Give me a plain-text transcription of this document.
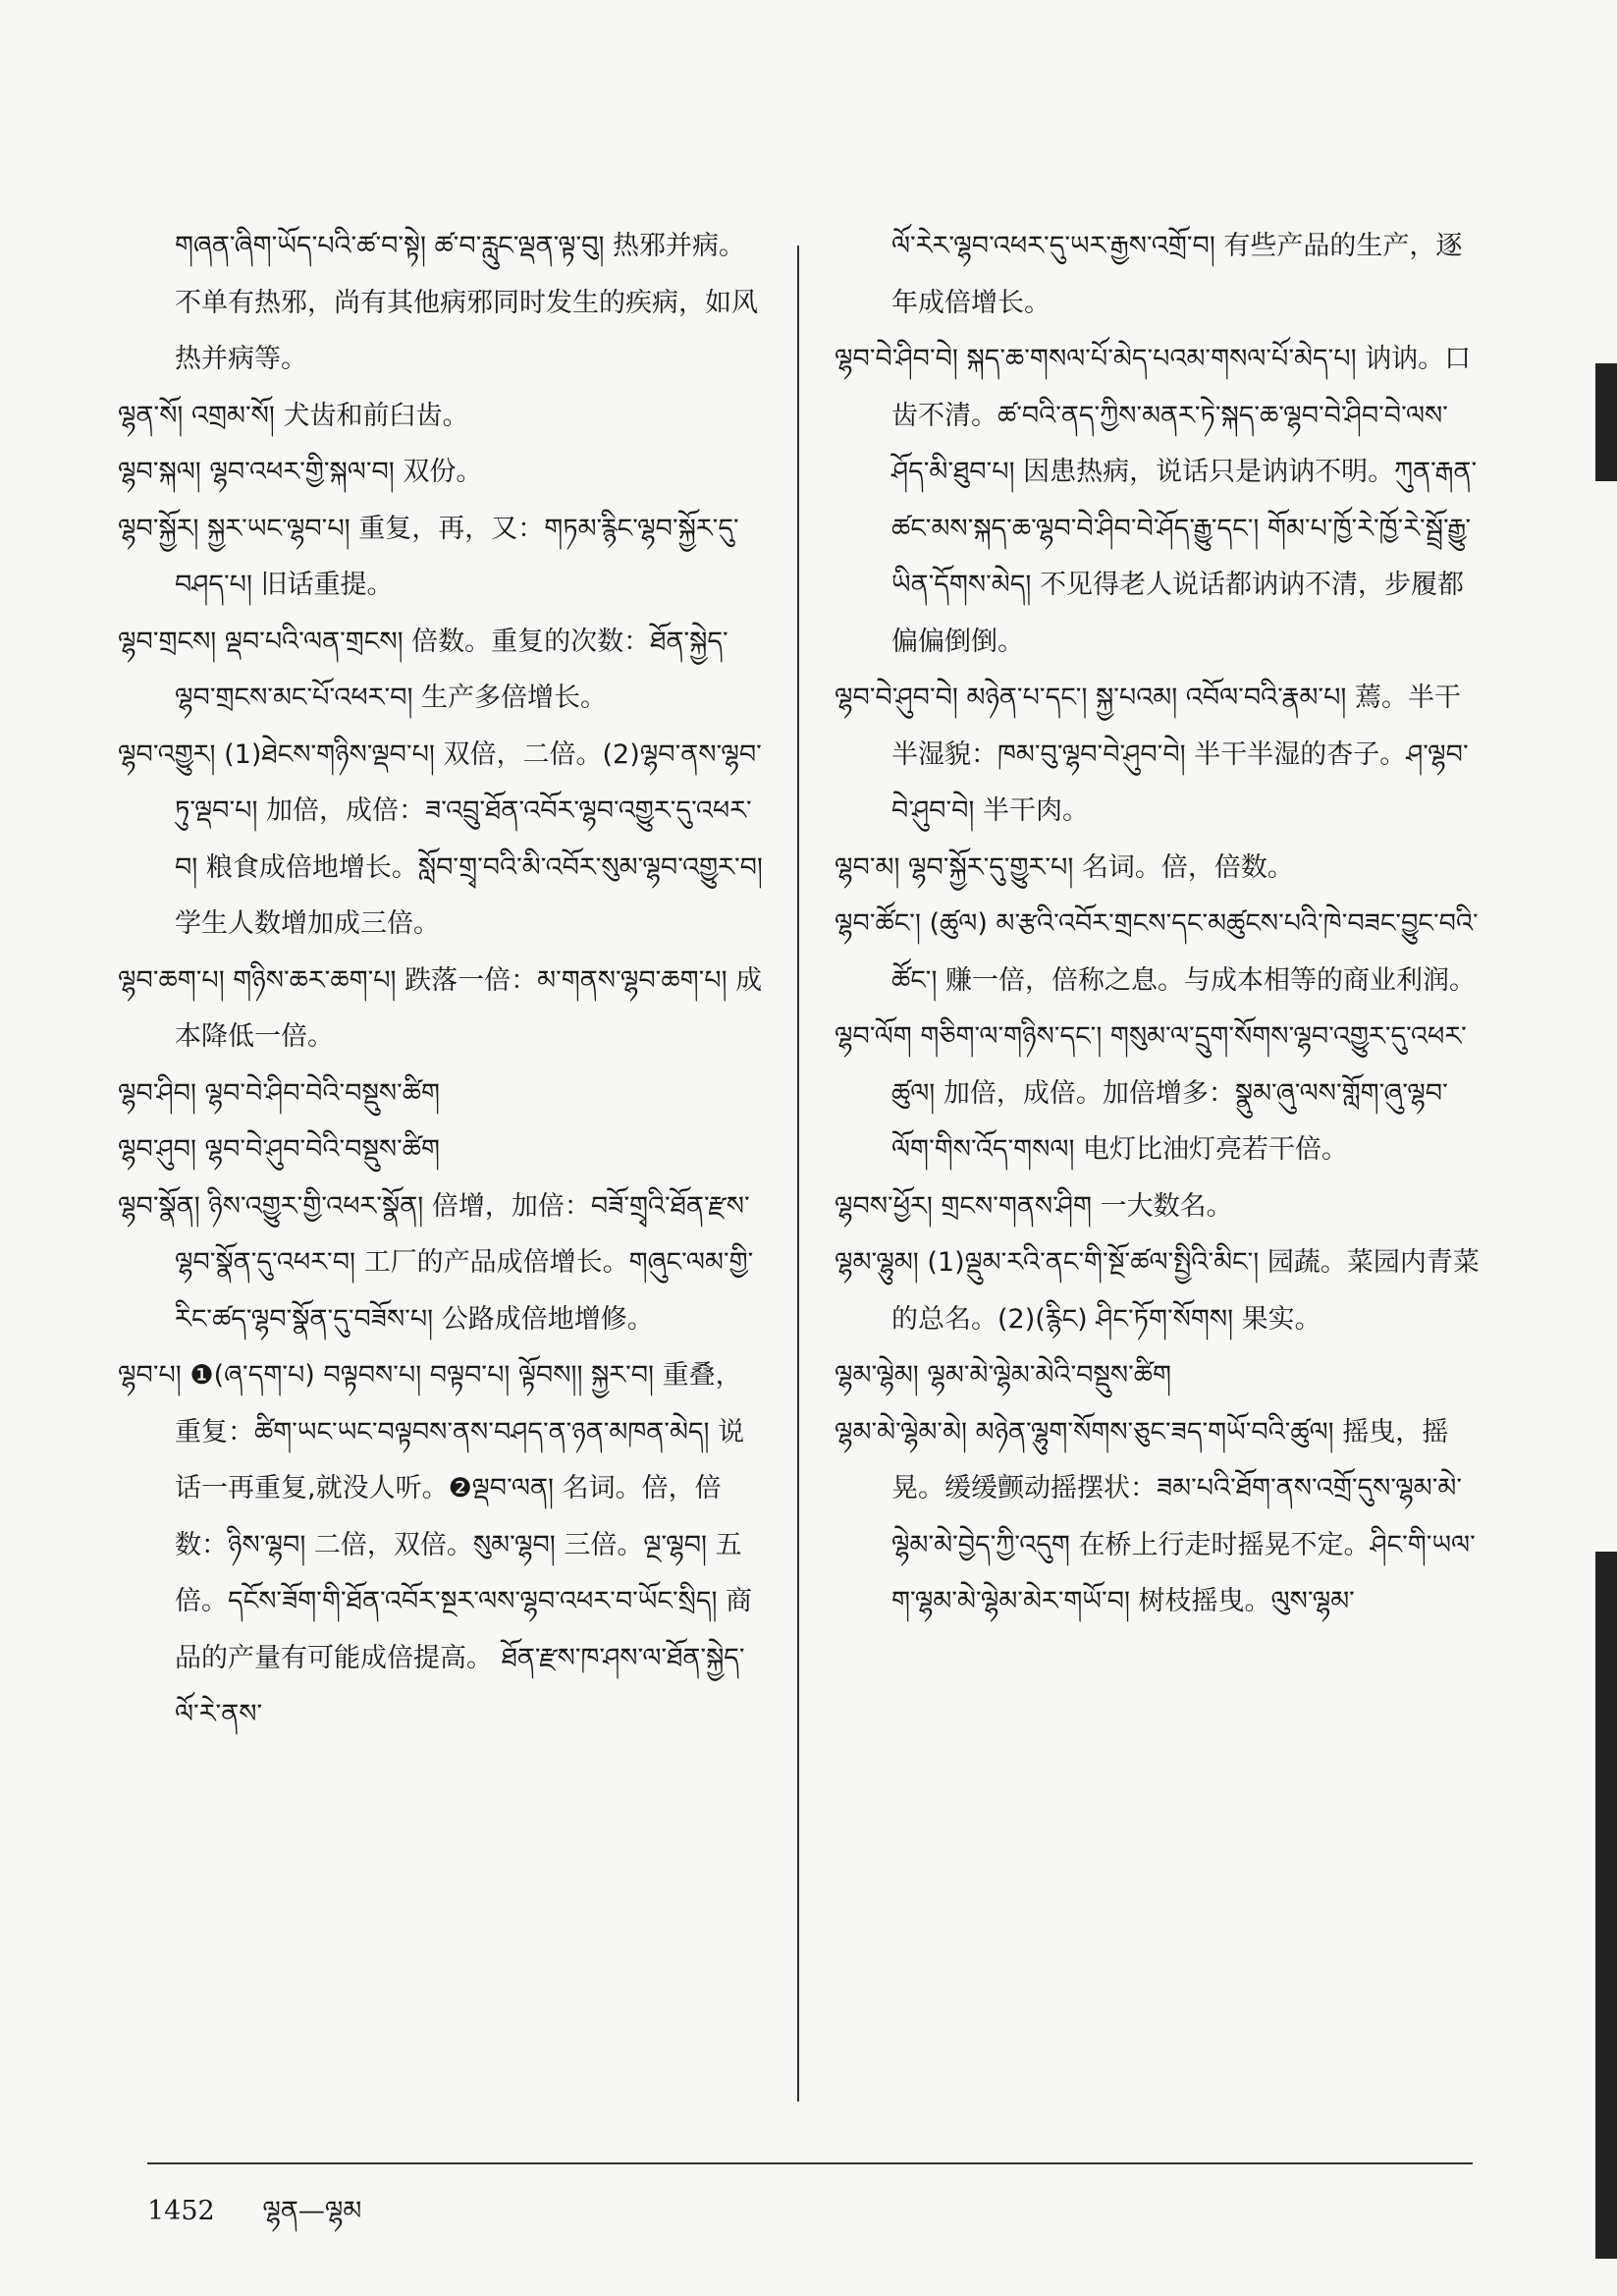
གཞན་ཞིག་ཡོད་པའི་ཚ་བ་སྟེ། ཚ་བ་རླུང་ལྡན་ལྟ་བུ། 热邪并病。不单有热邪，尚有其他病邪同时发生的疾病，如风热并病等。

ལྷན་སོ། འགྲམ་སོ། 犬齿和前臼齿。

ལྷབ་སྐལ། ལྷབ་འཕར་གྱི་སྐལ་བ། 双份。

ལྷབ་སྐྱོར། སྐྱར་ཡང་ལྷབ་པ། 重复，再，又：གཏམ་རྙིང་ལྷབ་སྐྱོར་དུ་བཤད་པ། 旧话重提。

ལྷབ་གྲངས། ལྡབ་པའི་ལན་གྲངས། 倍数。重复的次数：ཐོན་སྐྱེད་ལྷབ་གྲངས་མང་པོ་འཕར་བ། 生产多倍增长。

ལྷབ་འགྱུར། (1)ཐེངས་གཉིས་ལྡབ་པ། 双倍，二倍。(2)ལྷབ་ནས་ལྷབ་ཏུ་ལྡབ་པ། 加倍，成倍：ཟ་འབྲུ་ཐོན་འབོར་ལྷབ་འགྱུར་དུ་འཕར་བ། 粮食成倍地增长。སློབ་གྲྭ་བའི་མི་འབོར་སུམ་ལྷབ་འགྱུར་བ། 学生人数增加成三倍。

ལྷབ་ཆག་པ། གཉིས་ཆར་ཆག་པ། 跌落一倍：མ་གནས་ལྷབ་ཆག་པ། 成本降低一倍。

ལྷབ་ཤིབ། ལྷབ་བེ་ཤིབ་བེའི་བསྡུས་ཚིག

ལྷབ་ཤུབ། ལྷབ་བེ་ཤུབ་བེའི་བསྡུས་ཚིག

ལྷབ་སྣོན། ཉིས་འགྱུར་གྱི་འཕར་སྣོན། 倍增，加倍：བཟོ་གྲྭའི་ཐོན་རྫས་ལྷབ་སྣོན་དུ་འཕར་བ། 工厂的产品成倍增长。གཞུང་ལམ་གྱི་རིང་ཚད་ལྷབ་སྣོན་དུ་བཟོས་པ། 公路成倍地增修。

ལྷབ་པ། ❶(ཞ་དག་པ) བལྟབས་པ། བལྟབ་པ། ལྟོབས།། སྐྱར་བ། 重叠，重复：ཚིག་ཡང་ཡང་བལྟབས་ནས་བཤད་ན་ཉན་མཁན་མེད། 说话一再重复,就没人听。❷ལྡབ་ལན། 名词。倍，倍数：ཉིས་ལྷབ། 二倍，双倍。སུམ་ལྷབ། 三倍。ལྔ་ལྷབ། 五倍。དངོས་ཟོག་གི་ཐོན་འབོར་སྔར་ལས་ལྷབ་འཕར་བ་ཡོང་སྲིད། 商品的产量有可能成倍提高。 ཐོན་རྫས་ཁ་ཤས་ལ་ཐོན་སྐྱེད་ལོ་རེ་ནས་

ལོ་རེར་ལྷབ་འཕར་དུ་ཡར་རྒྱས་འགྲོ་བ། 有些产品的生产，逐年成倍增长。

ལྷབ་བེ་ཤིབ་བེ། སྐད་ཆ་གསལ་པོ་མེད་པའམ་གསལ་པོ་མེད་པ། 讷讷。口齿不清。ཚ་བའི་ནད་ཀྱིས་མནར་ཏེ་སྐད་ཆ་ལྷབ་བེ་ཤིབ་བེ་ལས་ཤོད་མི་ཐུབ་པ། 因患热病，说话只是讷讷不明。ཀུན་རྒན་ཚང་མས་སྐད་ཆ་ལྷབ་བེ་ཤིབ་བེ་ཤོད་རྒྱུ་དང་། གོམ་པ་ཁྱོ་རེ་ཁྱོ་རེ་སྦྲོ་རྒྱུ་ཡིན་དོགས་མེད། 不见得老人说话都讷讷不清，步履都偏偏倒倒。

ལྷབ་བེ་ཤུབ་བེ། མཉེན་པ་དང་། སྐྱ་པའམ། འབོལ་བའི་རྣམ་པ། 蔫。半干半湿貌：ཁམ་བུ་ལྷབ་བེ་ཤུབ་བེ། 半干半湿的杏子。ཤ་ལྷབ་བེ་ཤུབ་བེ། 半干肉。

ལྷབ་མ། ལྷབ་སྐྱོར་དུ་གྱུར་པ། 名词。倍，倍数。

ལྷབ་ཚོང་། (ཚུལ) མ་རྩའི་འབོར་གྲངས་དང་མཚུངས་པའི་ཁེ་བཟང་བྱུང་བའི་ཚོང་། 赚一倍，倍称之息。与成本相等的商业利润。

ལྷབ་ལོག གཅིག་ལ་གཉིས་དང་། གསུམ་ལ་དྲུག་སོགས་ལྷབ་འགྱུར་དུ་འཕར་ཚུལ། 加倍，成倍。加倍增多：སྣུམ་ཞུ་ལས་གློག་ཞུ་ལྷབ་ལོག་གིས་འོད་གསལ། 电灯比油灯亮若干倍。

ལྷབས་ཕྱོར། གྲངས་གནས་ཤིག 一大数名。

ལྷམ་ལྷུམ། (1)ལྡུམ་རའི་ནང་གི་སྔོ་ཚལ་སྤྱིའི་མིང་། 园蔬。菜园内青菜的总名。(2)(རྙིང) ཤིང་ཏོག་སོགས། 果实。

ལྷམ་ལྷེམ། ལྷམ་མེ་ལྷེམ་མེའི་བསྡུས་ཚིག

ལྷམ་མེ་ལྷེམ་མེ། མཉེན་ལྷུག་སོགས་ཅུང་ཟད་གཡོ་བའི་ཚུལ། 摇曳，摇晃。缓缓颤动摇摆状：ཟམ་པའི་ཐོག་ནས་འགྲོ་དུས་ལྷམ་མེ་ལྷེམ་མེ་བྱེད་ཀྱི་འདུག 在桥上行走时摇晃不定。ཤིང་གི་ཡལ་ག་ལྷམ་མེ་ལྷེམ་མེར་གཡོ་བ། 树枝摇曳。ལུས་ལྷམ་

1452 ལྷན—ལྷམ
